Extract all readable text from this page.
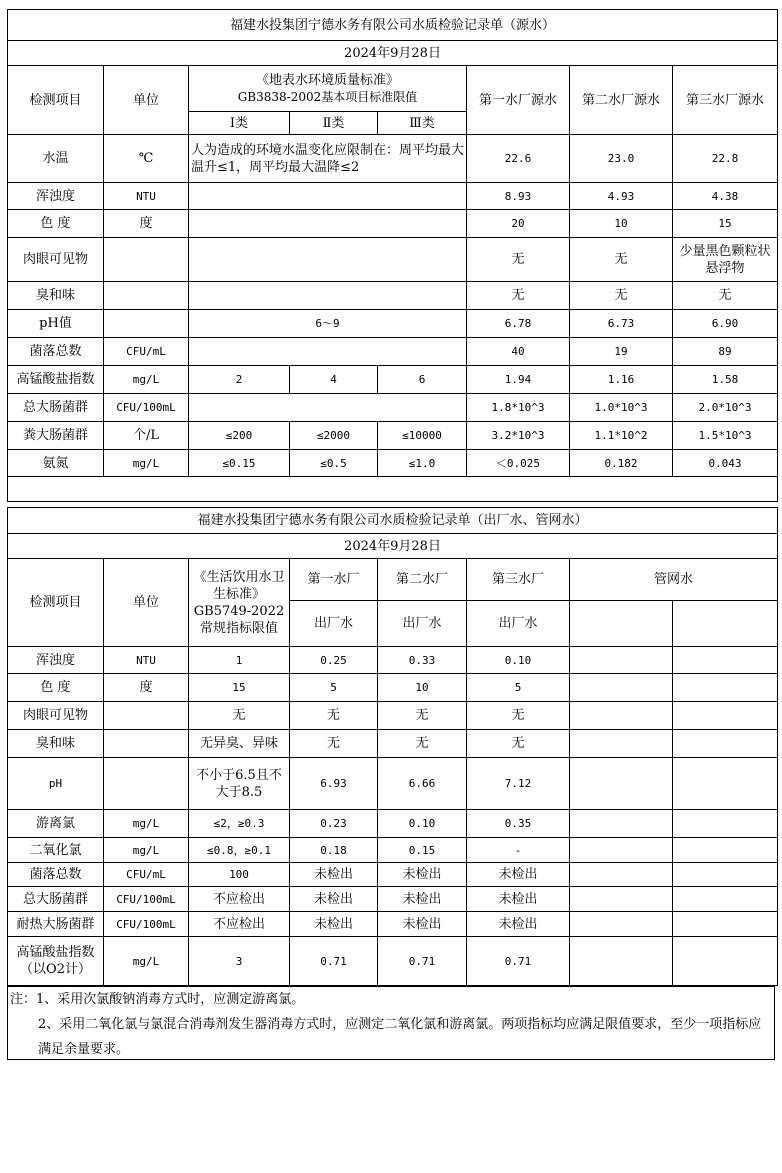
福建水投集团宁德水务有限公司水质检验记录单（源水）							
2024年9月28日							
检测项目	单位	《地表水环境质量标准》
GB3838-2002基本项目标准限值			第一水厂源水	第二水厂源水	第三水厂源水
		Ⅰ类	Ⅱ类	Ⅲ类			
水温	℃	人为造成的环境水温变化应限制在：周平均最大温升≤1，周平均最大温降≤2			22.6	23.0	22.8
浑浊度	NTU				8.93	4.93	4.38
色 度	度				20	10	15
肉眼可见物					无	无	少量黑色颗粒状悬浮物
臭和味					无	无	无
pH值		6～9			6.78	6.73	6.90
菌落总数	CFU/mL				40	19	89
高锰酸盐指数	mg/L	2	4	6	1.94	1.16	1.58
总大肠菌群	CFU/100mL				1.8*10^3	1.0*10^3	2.0*10^3
粪大肠菌群	个/L	≤200	≤2000	≤10000	3.2*10^3	1.1*10^2	1.5*10^3
氨氮	mg/L	≤0.15	≤0.5	≤1.0	＜0.025	0.182	0.043

福建水投集团宁德水务有限公司水质检验记录单（出厂水、管网水）							
2024年9月28日							
检测项目	单位	《生活饮用水卫生标准》GB5749-2022常规指标限值	第一水厂	第二水厂	第三水厂	管网水	
			出厂水	出厂水	出厂水		
浑浊度	NTU	1	0.25	0.33	0.10		
色 度	度	15	5	10	5		
肉眼可见物		无	无	无	无		
臭和味		无异臭、异味	无	无	无		
pH		不小于6.5且不大于8.5	6.93	6.66	7.12		
游离氯	mg/L	≤2，≥0.3	0.23	0.10	0.35		
二氧化氯	mg/L	≤0.8，≥0.1	0.18	0.15	-		
菌落总数	CFU/mL	100	未检出	未检出	未检出		
总大肠菌群	CFU/100mL	不应检出	未检出	未检出	未检出		
耐热大肠菌群	CFU/100mL	不应检出	未检出	未检出	未检出		
高锰酸盐指数（以O2计）	mg/L	3	0.71	0.71	0.71		
注：1、采用次氯酸钠消毒方式时，应测定游离氯。
2、采用二氧化氯与氯混合消毒剂发生器消毒方式时，应测定二氧化氯和游离氯。两项指标均应满足限值要求，至少一项指标应满足余量要求。
